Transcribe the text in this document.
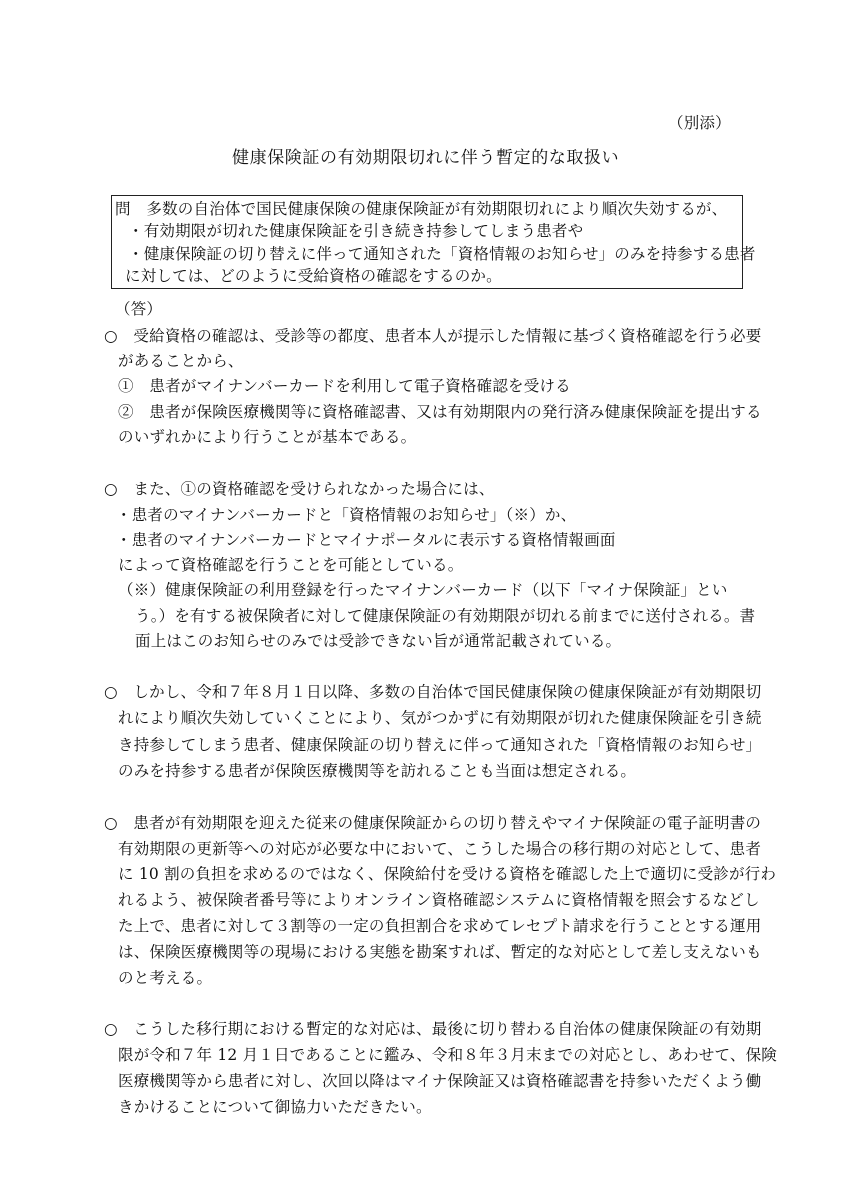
（別添）
健康保険証の有効期限切れに伴う暫定的な取扱い
問　多数の自治体で国民健康保険の健康保険証が有効期限切れにより順次失効するが、
・有効期限が切れた健康保険証を引き続き持参してしまう患者や
・健康保険証の切り替えに伴って通知された「資格情報のお知らせ」のみを持参する患者
に対しては、どのように受給資格の確認をするのか。
（答）
○　受給資格の確認は、受診等の都度、患者本人が提示した情報に基づく資格確認を行う必要
があることから、
①　患者がマイナンバーカードを利用して電子資格確認を受ける
②　患者が保険医療機関等に資格確認書、又は有効期限内の発行済み健康保険証を提出する
のいずれかにより行うことが基本である。
○　また、①の資格確認を受けられなかった場合には、
・患者のマイナンバーカードと「資格情報のお知らせ」（※）か、
・患者のマイナンバーカードとマイナポータルに表示する資格情報画面
によって資格確認を行うことを可能としている。
（※）健康保険証の利用登録を行ったマイナンバーカード（以下「マイナ保険証」とい
う。）を有する被保険者に対して健康保険証の有効期限が切れる前までに送付される。書
面上はこのお知らせのみでは受診できない旨が通常記載されている。
○　しかし、令和７年８月１日以降、多数の自治体で国民健康保険の健康保険証が有効期限切
れにより順次失効していくことにより、気がつかずに有効期限が切れた健康保険証を引き続
き持参してしまう患者、健康保険証の切り替えに伴って通知された「資格情報のお知らせ」
のみを持参する患者が保険医療機関等を訪れることも当面は想定される。
○　患者が有効期限を迎えた従来の健康保険証からの切り替えやマイナ保険証の電子証明書の
有効期限の更新等への対応が必要な中において、こうした場合の移行期の対応として、患者
に 10 割の負担を求めるのではなく、保険給付を受ける資格を確認した上で適切に受診が行わ
れるよう、被保険者番号等によりオンライン資格確認システムに資格情報を照会するなどし
た上で、患者に対して３割等の一定の負担割合を求めてレセプト請求を行うこととする運用
は、保険医療機関等の現場における実態を勘案すれば、暫定的な対応として差し支えないも
のと考える。
○　こうした移行期における暫定的な対応は、最後に切り替わる自治体の健康保険証の有効期
限が令和７年 12 月１日であることに鑑み、令和８年３月末までの対応とし、あわせて、保険
医療機関等から患者に対し、次回以降はマイナ保険証又は資格確認書を持参いただくよう働
きかけることについて御協力いただきたい。
